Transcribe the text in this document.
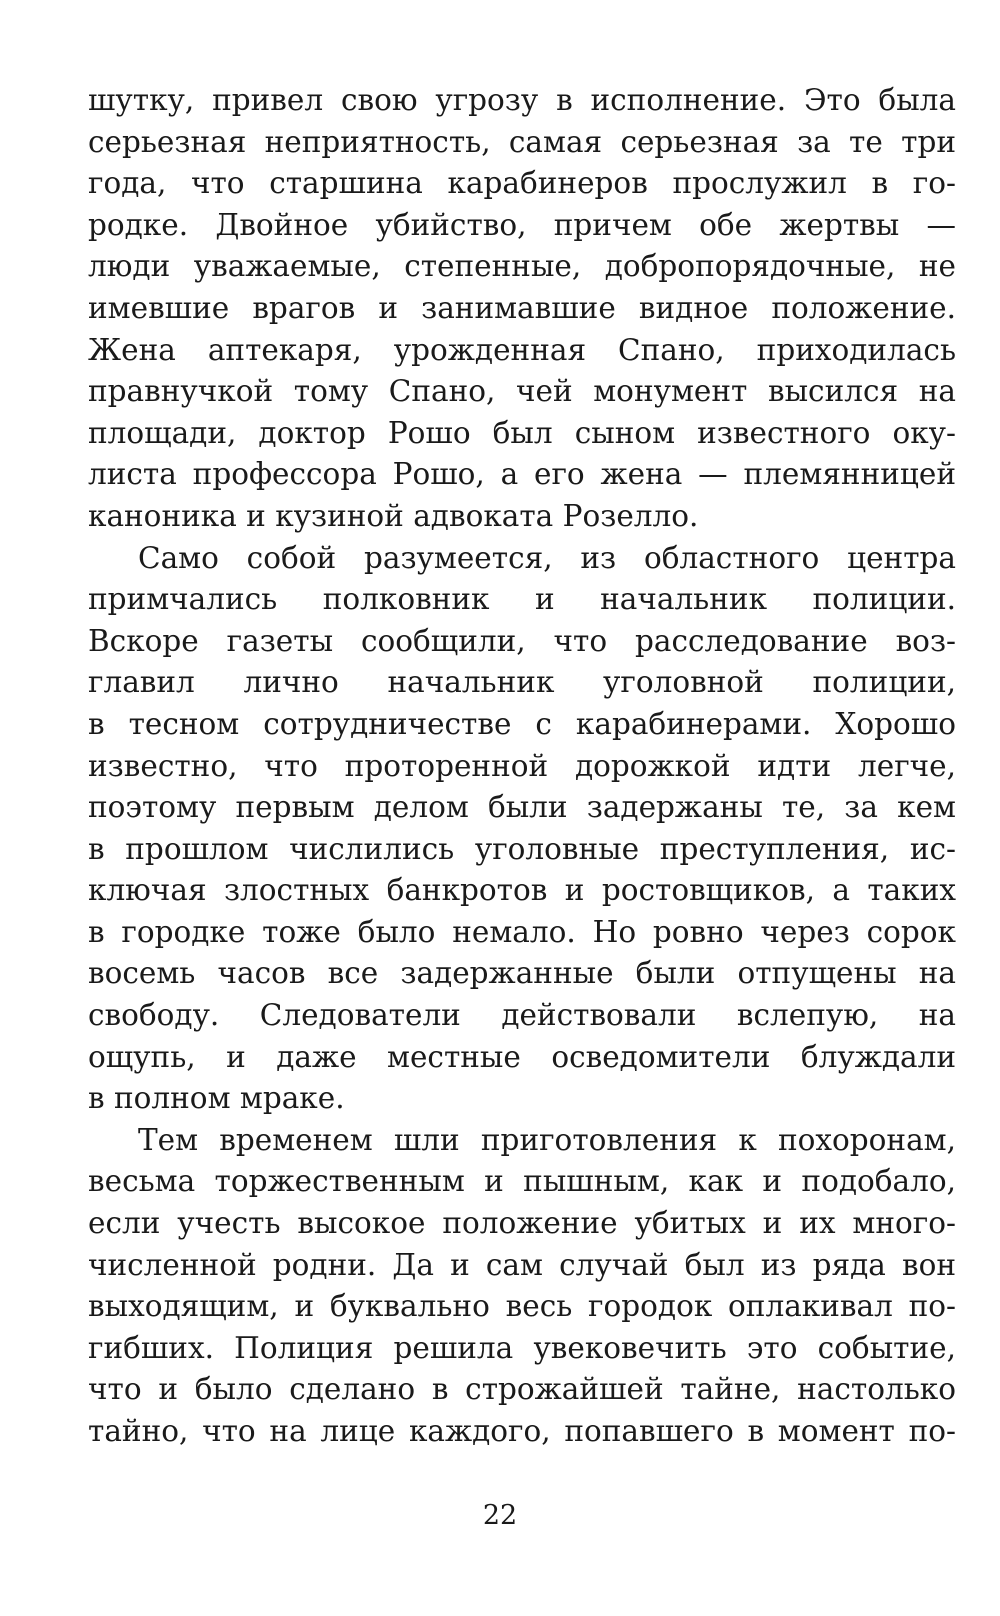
шутку, привел свою угрозу в исполнение. Это была
серьезная неприятность, самая серьезная за те три
года, что старшина карабинеров прослужил в го-
родке. Двойное убийство, причем обе жертвы —
люди уважаемые, степенные, добропорядочные, не
имевшие врагов и занимавшие видное положение.
Жена аптекаря, урожденная Спано, приходилась
правнучкой тому Спано, чей монумент высился на
площади, доктор Рошо был сыном известного оку-
листа профессора Рошо, а его жена — племянницей
каноника и кузиной адвоката Розелло.
Само собой разумеется, из областного центра
примчались полковник и начальник полиции.
Вскоре газеты сообщили, что расследование воз-
главил лично начальник уголовной полиции,
в тесном сотрудничестве с карабинерами. Хорошо
известно, что проторенной дорожкой идти легче,
поэтому первым делом были задержаны те, за кем
в прошлом числились уголовные преступления, ис-
ключая злостных банкротов и ростовщиков, а таких
в городке тоже было немало. Но ровно через сорок
восемь часов все задержанные были отпущены на
свободу. Следователи действовали вслепую, на
ощупь, и даже местные осведомители блуждали
в полном мраке.
Тем временем шли приготовления к похоронам,
весьма торжественным и пышным, как и подобало,
если учесть высокое положение убитых и их много-
численной родни. Да и сам случай был из ряда вон
выходящим, и буквально весь городок оплакивал по-
гибших. Полиция решила увековечить это событие,
что и было сделано в строжайшей тайне, настолько
тайно, что на лице каждого, попавшего в момент по-
22
